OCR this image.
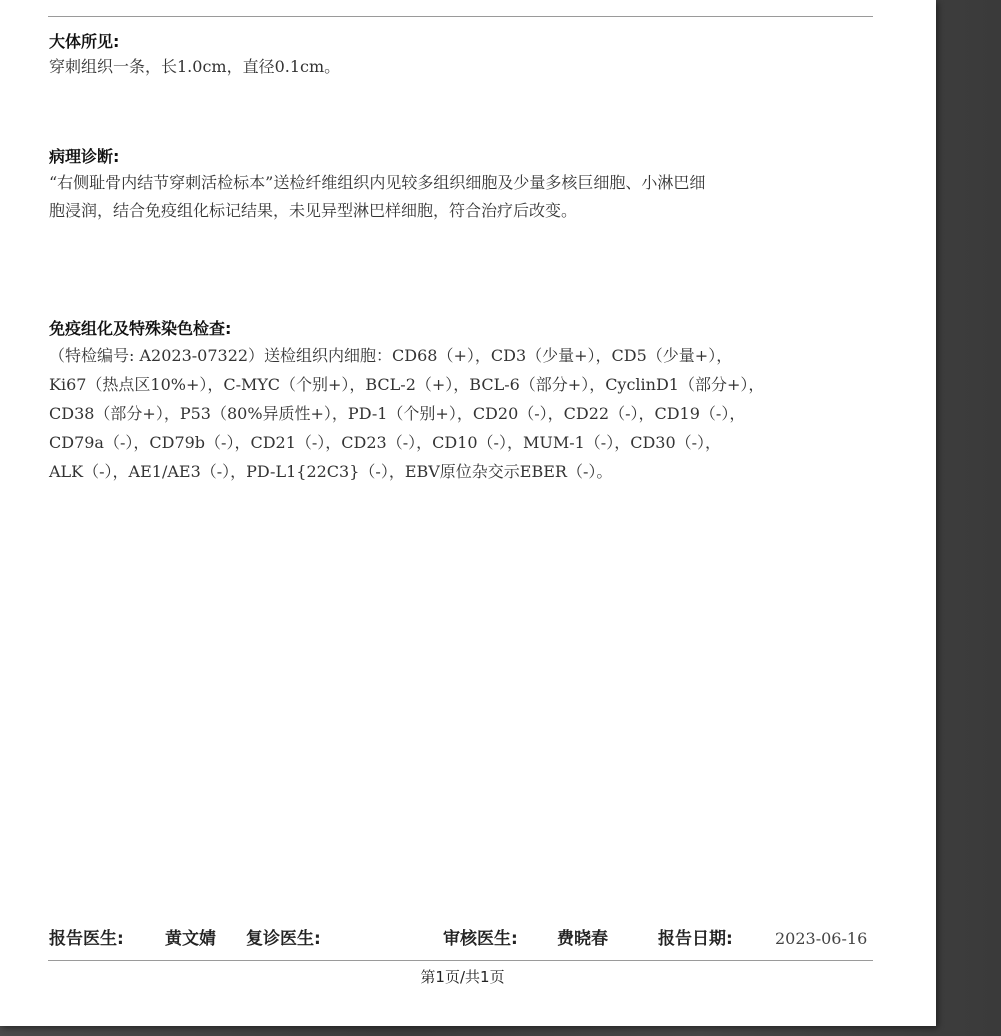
大体所见:
穿刺组织一条，长1.0cm，直径0.1cm。
病理诊断:
“右侧耻骨内结节穿刺活检标本”送检纤维组织内见较多组织细胞及少量多核巨细胞、小淋巴细
胞浸润，结合免疫组化标记结果，未见异型淋巴样细胞，符合治疗后改变。
免疫组化及特殊染色检查:
（特检编号: A2023-07322）送检组织内细胞：CD68（+），CD3（少量+），CD5（少量+），
Ki67（热点区10%+），C-MYC（个别+），BCL-2（+），BCL-6（部分+），CyclinD1（部分+），
CD38（部分+），P53（80%异质性+），PD-1（个别+），CD20（-），CD22（-），CD19（-），
CD79a（-），CD79b（-），CD21（-），CD23（-），CD10（-），MUM-1（-），CD30（-），
ALK（-），AE1/AE3（-），PD-L1{22C3}（-），EBV原位杂交示EBER（-）。
报告医生: 黄文婧 复诊医生:	审核医生: 费晓春	报告日期:	2023-06-16
第1页/共1页
